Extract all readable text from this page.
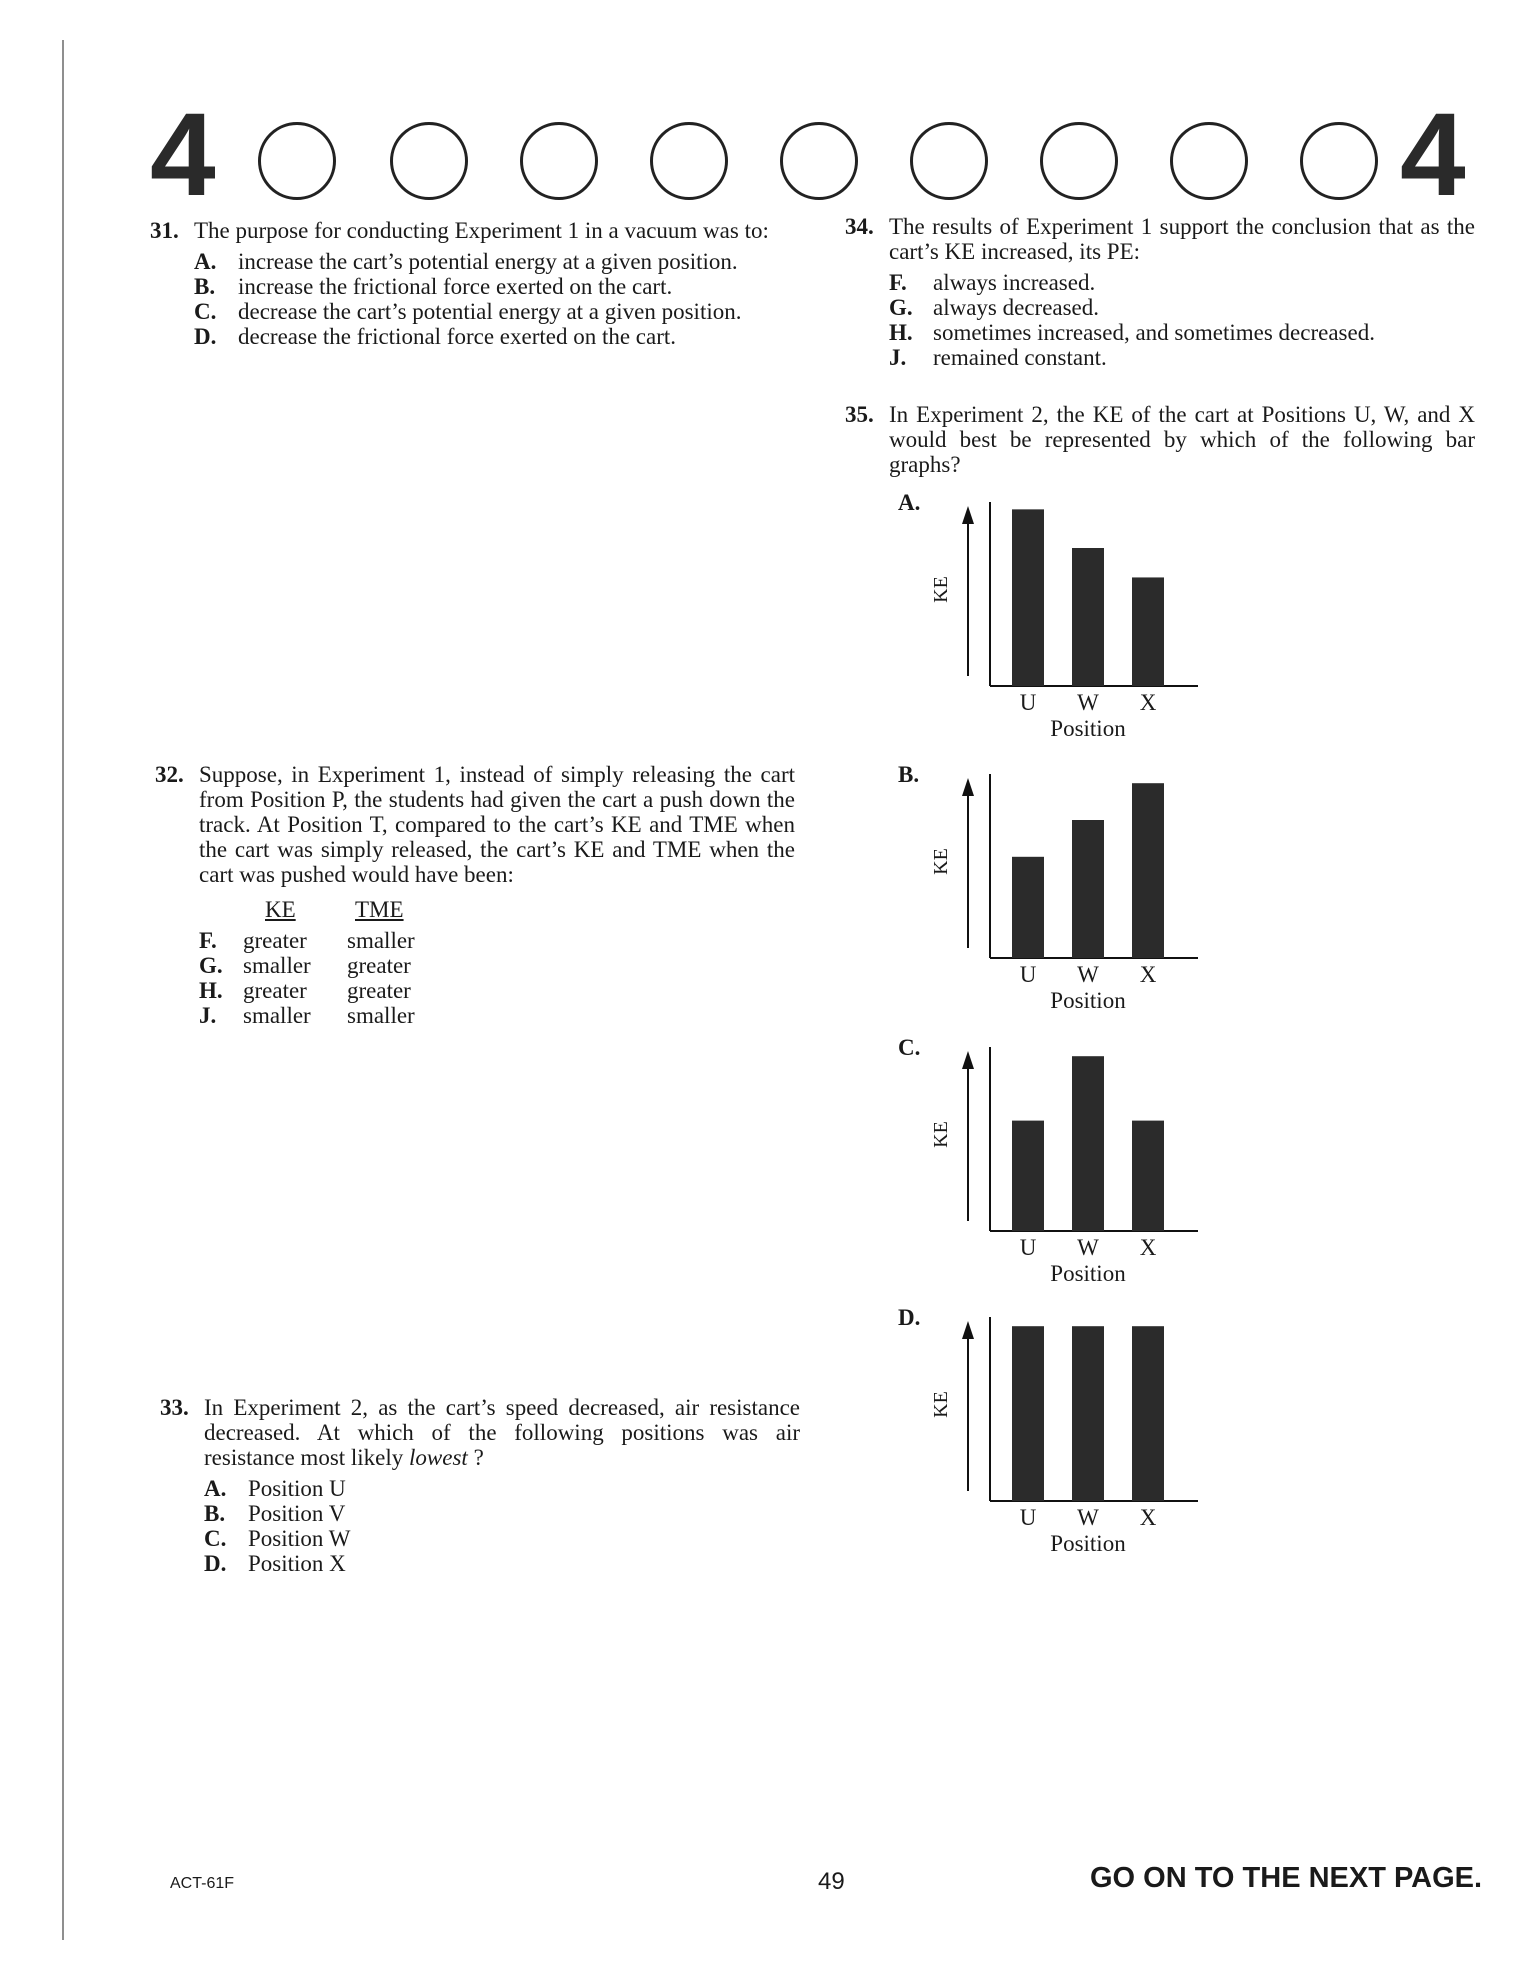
4	4
31. The purpose for conducting Experiment 1 in a vacuum was to:
A. increase the cart’s potential energy at a given position.
B. increase the frictional force exerted on the cart.
C. decrease the cart’s potential energy at a given position.
D. decrease the frictional force exerted on the cart.
32. Suppose, in Experiment 1, instead of simply releasing the cart from Position P, the students had given the cart a push down the track. At Position T, compared to the cart’s KE and TME when the cart was simply released, the cart’s KE and TME when the cart was pushed would have been:
KE	TME
F.	greater	smaller
G. smaller	greater
H. greater	greater
J.	smaller	smaller
33. In Experiment 2, as the cart’s speed decreased, air resistance decreased. At which of the following positions was air resistance most likely lowest ?
A. Position U
B. Position V
C. Position W
D. Position X
34. The results of Experiment 1 support the conclusion that as the cart’s KE increased, its PE:
F.	always increased.
G. always decreased.
H. sometimes increased, and sometimes decreased.
J.	remained constant.
35. In Experiment 2, the KE of the cart at Positions U, W, and X would best be represented by which of the following bar graphs?
A.
U W X
KE
Position
B.
U W X
KE
Position
C.
U W X
KE
Position
D.
U W X
KE
Position
ACT-61F	49	GO ON TO THE NEXT PAGE.
